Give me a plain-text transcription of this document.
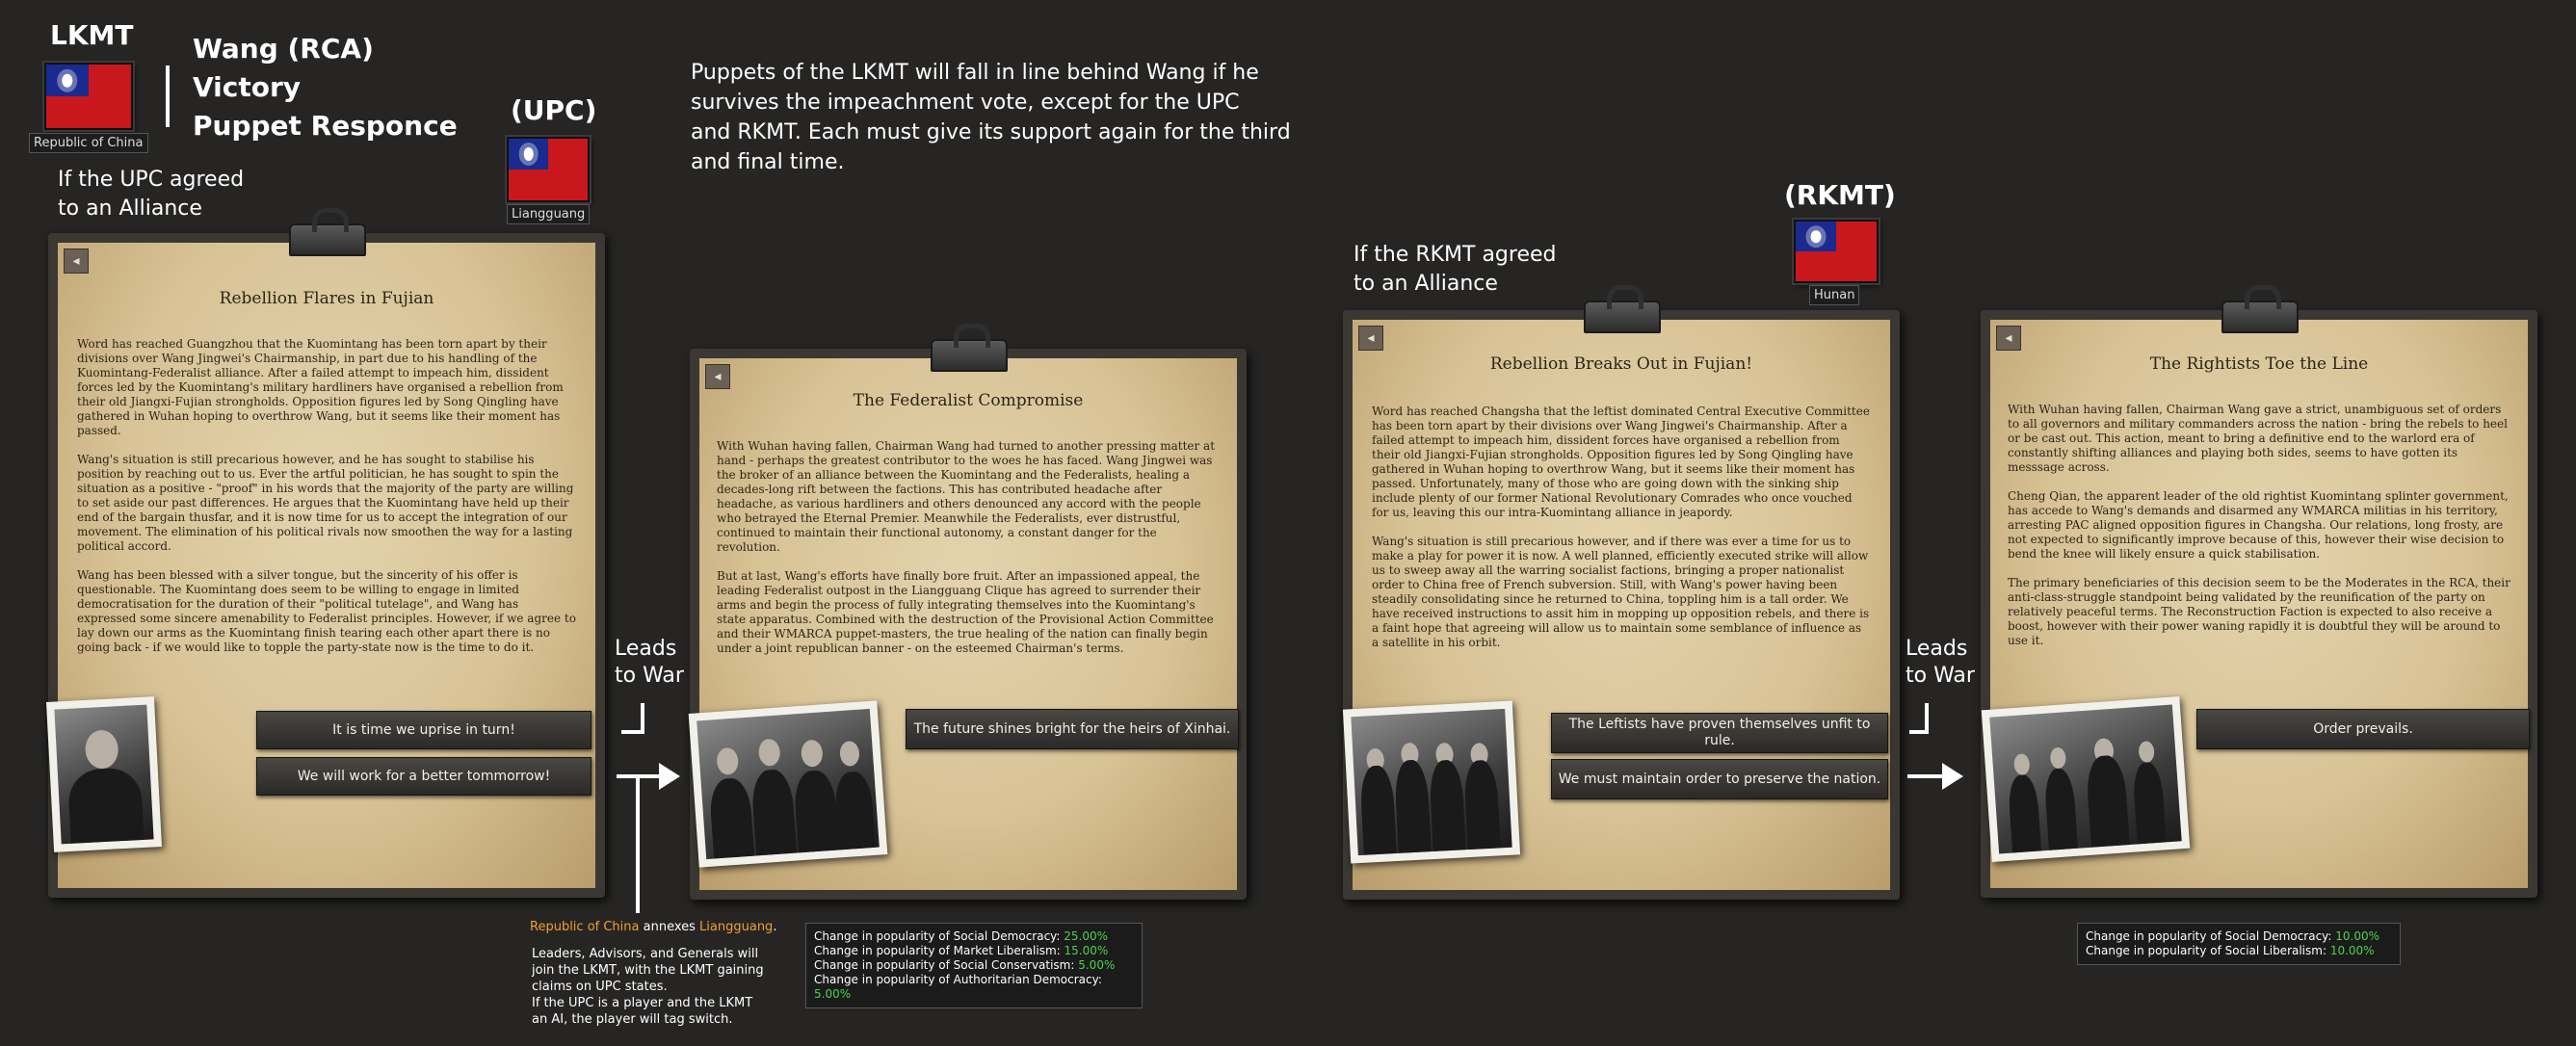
LKMT
Republic of China
Wang (RCA)
Victory
Puppet Responce
Puppets of the LKMT will fall in line behind Wang if he
survives the impeachment vote, except for the UPC
and RKMT. Each must give its support again for the third
and final time.
(UPC)
Liangguang
If the UPC agreed
to an Alliance
◂
Rebellion Flares in Fujian
Word has reached Guangzhou that the Kuomintang has been torn apart by their divisions over Wang Jingwei's Chairmanship, in part due to his handling of the Kuomintang-Federalist alliance. After a failed attempt to impeach him, dissident forces led by the Kuomintang's military hardliners have organised a rebellion from their old Jiangxi-Fujian strongholds. Opposition figures led by Song Qingling have gathered in Wuhan hoping to overthrow Wang, but it seems like their moment has passed.

Wang's situation is still precarious however, and he has sought to stabilise his position by reaching out to us. Ever the artful politician, he has sought to spin the situation as a positive - "proof" in his words that the majority of the party are willing to set aside our past differences. He argues that the Kuomintang have held up their end of the bargain thusfar, and it is now time for us to accept the integration of our movement. The elimination of his political rivals now smoothen the way for a lasting political accord.

Wang has been blessed with a silver tongue, but the sincerity of his offer is questionable. The Kuomintang does seem to be willing to engage in limited democratisation for the duration of their "political tutelage", and Wang has expressed some sincere amenability to Federalist principles. However, if we agree to lay down our arms as the Kuomintang finish tearing each other apart there is no going back - if we would like to topple the party-state now is the time to do it.
It is time we uprise in turn!
We will work for a better tommorrow!
Leads
to War
◂
The Federalist Compromise
With Wuhan having fallen, Chairman Wang had turned to another pressing matter at hand - perhaps the greatest contributor to the woes he has faced. Wang Jingwei was the broker of an alliance between the Kuomintang and the Federalists, healing a decades-long rift between the factions. This has contributed headache after headache, as various hardliners and others denounced any accord with the people who betrayed the Eternal Premier. Meanwhile the Federalists, ever distrustful, continued to maintain their functional autonomy, a constant danger for the revolution.

But at last, Wang's efforts have finally bore fruit. After an impassioned appeal, the leading Federalist outpost in the Liangguang Clique has agreed to surrender their arms and begin the process of fully integrating themselves into the Kuomintang's state apparatus. Combined with the destruction of the Provisional Action Committee and their WMARCA puppet-masters, the true healing of the nation can finally begin under a joint republican banner - on the esteemed Chairman's terms.
The future shines bright for the heirs of Xinhai.
Republic of China annexes Liangguang.
Leaders, Advisors, and Generals will
join the LKMT, with the LKMT gaining
claims on UPC states.
If the UPC is a player and the LKMT
an AI, the player will tag switch.
Change in popularity of Social Democracy: 25.00%
Change in popularity of Market Liberalism: 15.00%
Change in popularity of Social Conservatism: 5.00%
Change in popularity of Authoritarian Democracy: 5.00%
(RKMT)
Hunan
If the RKMT agreed
to an Alliance
◂
Rebellion Breaks Out in Fujian!
Word has reached Changsha that the leftist dominated Central Executive Committee has been torn apart by their divisions over Wang Jingwei's Chairmanship. After a failed attempt to impeach him, dissident forces have organised a rebellion from their old Jiangxi-Fujian strongholds. Opposition figures led by Song Qingling have gathered in Wuhan hoping to overthrow Wang, but it seems like their moment has passed. Unfortunately, many of those who are going down with the sinking ship include plenty of our former National Revolutionary Comrades who once vouched for us, leaving this our intra-Kuomintang alliance in jeapordy.

Wang's situation is still precarious however, and if there was ever a time for us to make a play for power it is now. A well planned, efficiently executed strike will allow us to sweep away all the warring socialist factions, bringing a proper nationalist order to China free of French subversion. Still, with Wang's power having been steadily consolidating since he returned to China, toppling him is a tall order. We have received instructions to assit him in mopping up opposition rebels, and there is a faint hope that agreeing will allow us to maintain some semblance of influence as a satellite in his orbit.
The Leftists have proven themselves unfit to rule.
We must maintain order to preserve the nation.
Leads
to War
◂
The Rightists Toe the Line
With Wuhan having fallen, Chairman Wang gave a strict, unambiguous set of orders to all governors and military commanders across the nation - bring the rebels to heel or be cast out. This action, meant to bring a definitive end to the warlord era of constantly shifting alliances and playing both sides, seems to have gotten its messsage across.

Cheng Qian, the apparent leader of the old rightist Kuomintang splinter government, has accede to Wang's demands and disarmed any WMARCA militias in his territory, arresting PAC aligned opposition figures in Changsha. Our relations, long frosty, are not expected to significantly improve because of this, however their wise decision to bend the knee will likely ensure a quick stabilisation.

The primary beneficiaries of this decision seem to be the Moderates in the RCA, their anti-class-struggle standpoint being validated by the reunification of the party on relatively peaceful terms. The Reconstruction Faction is expected to also receive a boost, however with their power waning rapidly it is doubtful they will be around to use it.
Order prevails.
Change in popularity of Social Democracy: 10.00%
Change in popularity of Social Liberalism: 10.00%
